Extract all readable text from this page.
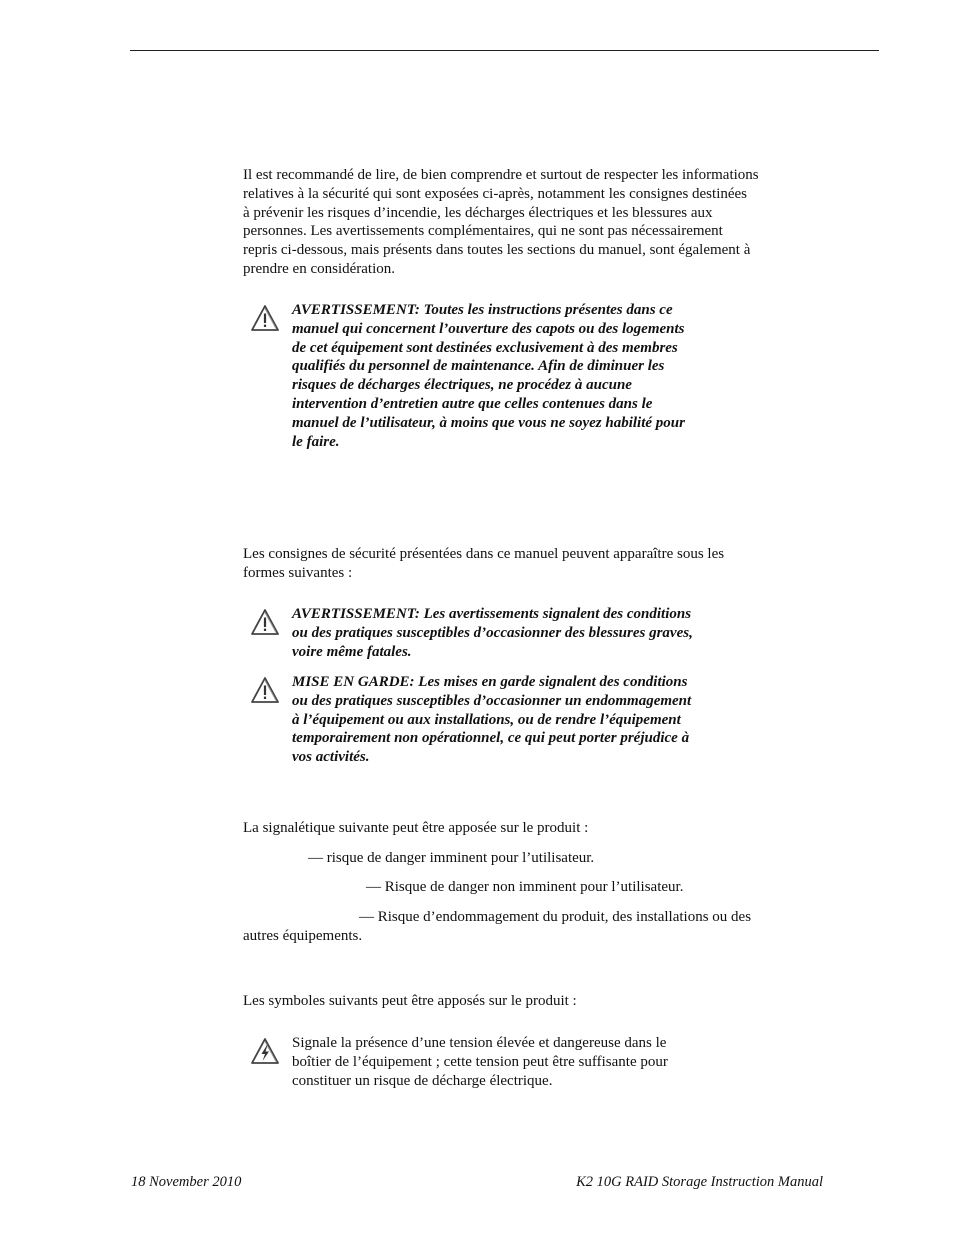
Il est recommandé de lire, de bien comprendre et surtout de respecter les informations
relatives à la sécurité qui sont exposées ci-après, notamment les consignes destinées
à prévenir les risques d’incendie, les décharges électriques et les blessures aux
personnes. Les avertissements complémentaires, qui ne sont pas nécessairement
repris ci-dessous, mais présents dans toutes les sections du manuel, sont également à
prendre en considération.
AVERTISSEMENT: Toutes les instructions présentes dans ce
manuel qui concernent l’ouverture des capots ou des logements
de cet équipement sont destinées exclusivement à des membres
qualifiés du personnel de maintenance. Afin de diminuer les
risques de décharges électriques, ne procédez à aucune
intervention d’entretien autre que celles contenues dans le
manuel de l’utilisateur, à moins que vous ne soyez habilité pour
le faire.
Les consignes de sécurité présentées dans ce manuel peuvent apparaître sous les
formes suivantes :
AVERTISSEMENT: Les avertissements signalent des conditions
ou des pratiques susceptibles d’occasionner des blessures graves,
voire même fatales.
MISE EN GARDE: Les mises en garde signalent des conditions
ou des pratiques susceptibles d’occasionner un endommagement
à l’équipement ou aux installations, ou de rendre l’équipement
temporairement non opérationnel, ce qui peut porter préjudice à
vos activités.
La signalétique suivante peut être apposée sur le produit :
— risque de danger imminent pour l’utilisateur.
— Risque de danger non imminent pour l’utilisateur.
— Risque d’endommagement du produit, des installations ou des
autres équipements.
Les symboles suivants peut être apposés sur le produit :
Signale la présence d’une tension élevée et dangereuse dans le
boîtier de l’équipement ; cette tension peut être suffisante pour
constituer un risque de décharge électrique.
18 November 2010	K2 10G RAID Storage Instruction Manual
